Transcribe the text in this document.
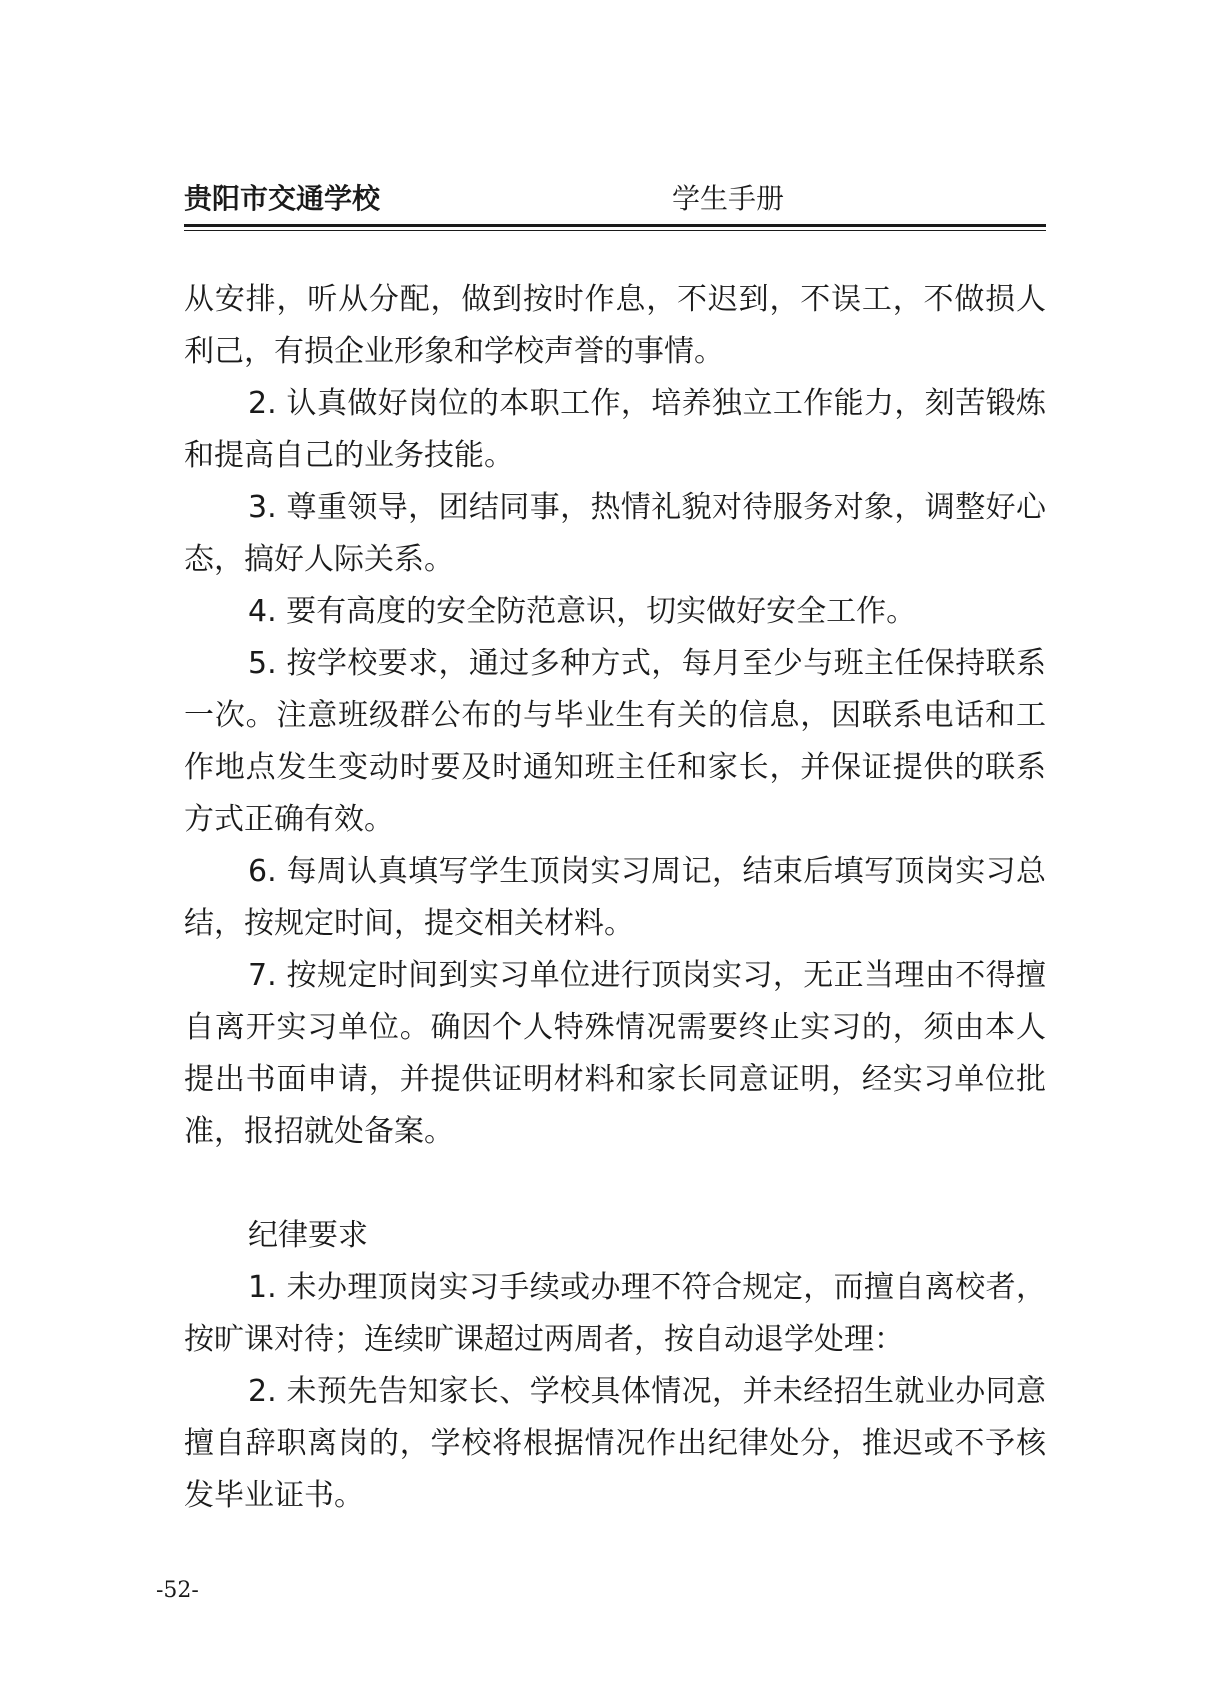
贵阳市交通学校	学生手册

从安排，听从分配，做到按时作息，不迟到，不误工，不做损人利己，有损企业形象和学校声誉的事情。

2. 认真做好岗位的本职工作，培养独立工作能力，刻苦锻炼和提高自己的业务技能。

3. 尊重领导，团结同事，热情礼貌对待服务对象，调整好心态，搞好人际关系。

4. 要有高度的安全防范意识，切实做好安全工作。

5. 按学校要求，通过多种方式，每月至少与班主任保持联系一次。注意班级群公布的与毕业生有关的信息，因联系电话和工作地点发生变动时要及时通知班主任和家长，并保证提供的联系方式正确有效。

6. 每周认真填写学生顶岗实习周记，结束后填写顶岗实习总结，按规定时间，提交相关材料。

7. 按规定时间到实习单位进行顶岗实习，无正当理由不得擅自离开实习单位。确因个人特殊情况需要终止实习的，须由本人提出书面申请，并提供证明材料和家长同意证明，经实习单位批准，报招就处备案。

纪律要求

1. 未办理顶岗实习手续或办理不符合规定，而擅自离校者，按旷课对待；连续旷课超过两周者，按自动退学处理：

2. 未预先告知家长、学校具体情况，并未经招生就业办同意擅自辞职离岗的，学校将根据情况作出纪律处分，推迟或不予核发毕业证书。

-52-
